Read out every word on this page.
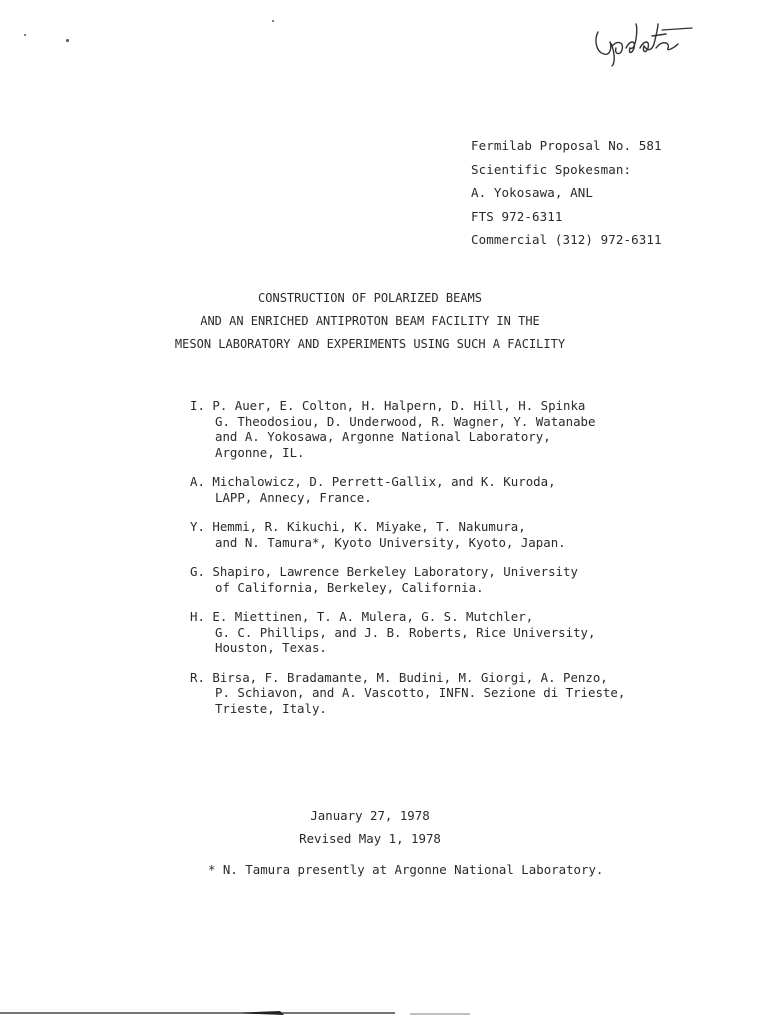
Fermilab Proposal No. 581
Scientific Spokesman:
A. Yokosawa, ANL
FTS 972-6311
Commercial (312) 972-6311
CONSTRUCTION OF POLARIZED BEAMS
AND AN ENRICHED ANTIPROTON BEAM FACILITY IN THE
MESON LABORATORY AND EXPERIMENTS USING SUCH A FACILITY
I. P. Auer, E. Colton, H. Halpern, D. Hill, H. Spinka
G. Theodosiou, D. Underwood, R. Wagner, Y. Watanabe
and A. Yokosawa, Argonne National Laboratory,
Argonne, IL.
A. Michalowicz, D. Perrett-Gallix, and K. Kuroda,
LAPP, Annecy, France.
Y. Hemmi, R. Kikuchi, K. Miyake, T. Nakumura,
and N. Tamura*, Kyoto University, Kyoto, Japan.
G. Shapiro, Lawrence Berkeley Laboratory, University
of California, Berkeley, California.
H. E. Miettinen, T. A. Mulera, G. S. Mutchler,
G. C. Phillips, and J. B. Roberts, Rice University,
Houston, Texas.
R. Birsa, F. Bradamante, M. Budini, M. Giorgi, A. Penzo,
P. Schiavon, and A. Vascotto, INFN. Sezione di Trieste,
Trieste, Italy.
January 27, 1978
Revised May 1, 1978
* N. Tamura presently at Argonne National Laboratory.
